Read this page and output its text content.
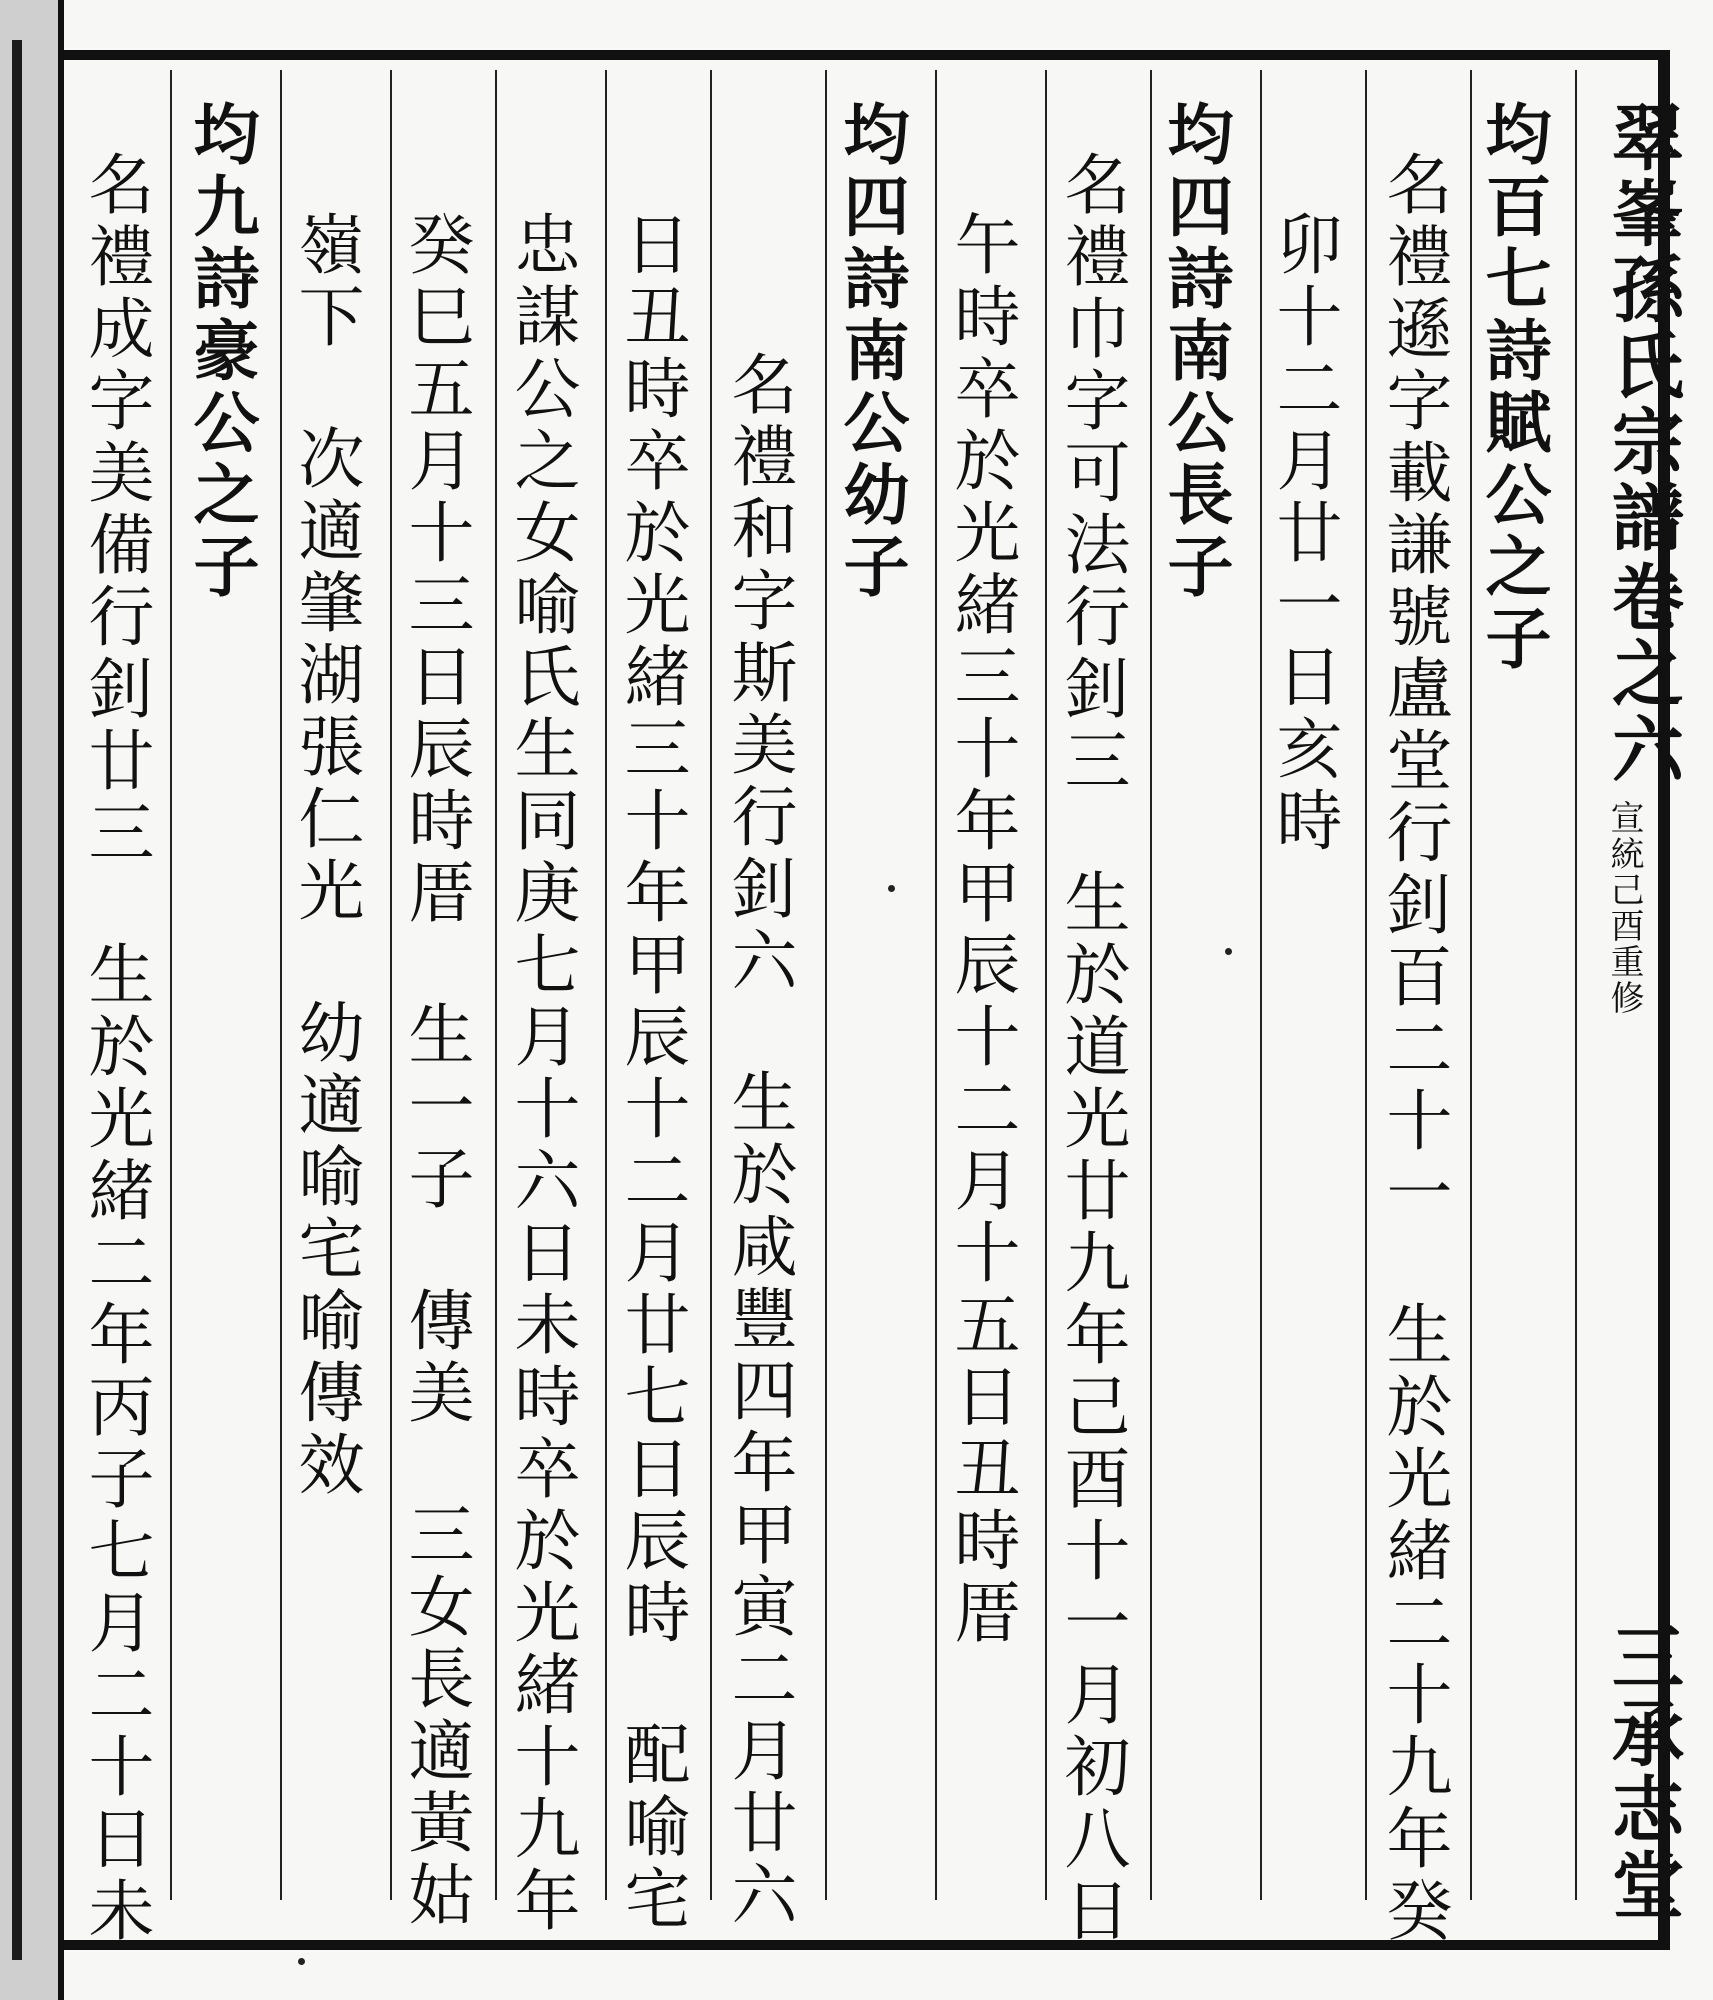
翠峯孫氏宗譜
卷之六
宣統己酉重修
三承志堂
均百七詩賦公之子
名禮遜字載謙號盧堂行釗百二十一
生於光緒二十九年癸
卯十二月廿一日亥時
均四詩南公長子
名禮巾字可法行釗三
生於道光廿九年己酉十一月初八日
午時卒於光緒三十年甲辰十二月十五日丑時厝
均四詩南公幼子
名禮和字斯美行釗六
生於咸豐四年甲寅二月廿六
日丑時卒於光緒三十年甲辰十二月廿七日辰時
配喻宅
忠謀公之女喻氏生同庚七月十六日未時卒於光緒十九年
癸巳五月十三日辰時厝
生一子
傳美
三女長適黃姑
嶺下
次適肇湖張仁光
幼適喻宅喻傳效
均九詩豪公之子
名禮成字美備行釗廿三
生於光緒二年丙子七月二十日未
